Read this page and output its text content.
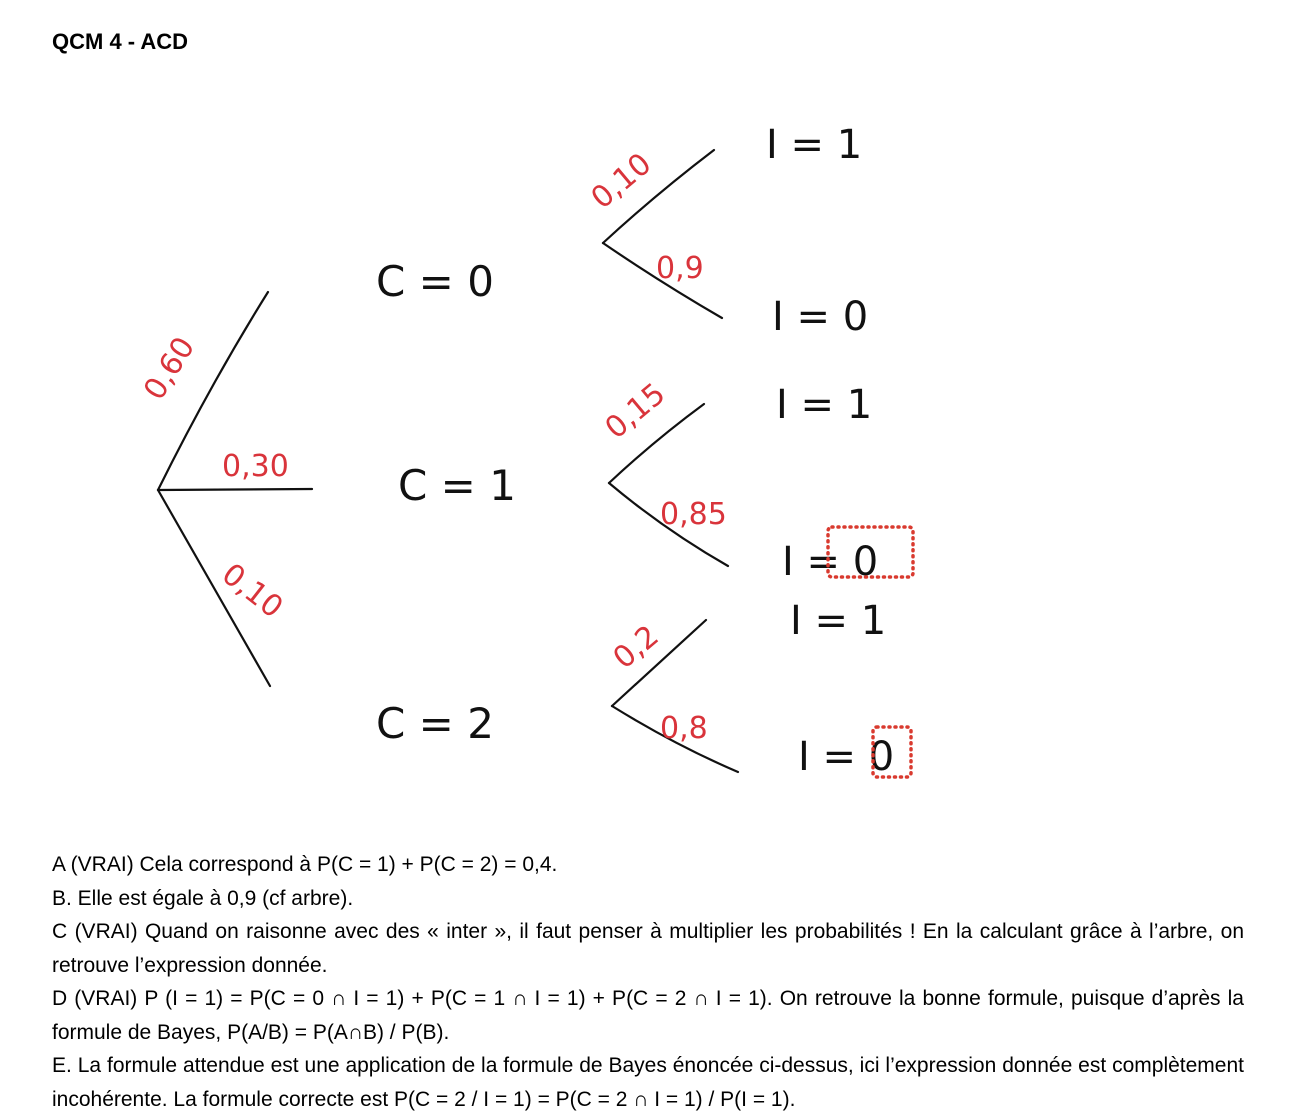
QCM 4 - ACD
C = 0
C = 1
C = 2
I = 1
I = 0
I = 1
I = 0
I = 1
I = 0
0,60
0,30
0,10
0,10
0,9
0,15
0,85
0,2
0,8

A (VRAI) Cela correspond à P(C = 1) + P(C = 2) = 0,4.

B. Elle est égale à 0,9 (cf arbre).

C (VRAI) Quand on raisonne avec des « inter », il faut penser à multiplier les probabilités ! En la calculant grâce à l’arbre, on retrouve l’expression donnée.

D (VRAI) P (I = 1) = P(C = 0 ∩ I = 1) + P(C = 1 ∩ I = 1) + P(C = 2 ∩ I = 1). On retrouve la bonne formule, puisque d’après la formule de Bayes, P(A/B) = P(A∩B) / P(B).

E. La formule attendue est une application de la formule de Bayes énoncée ci-dessus, ici l’expression donnée est complètement incohérente. La formule correcte est P(C = 2 / I = 1) = P(C = 2 ∩ I = 1) / P(I = 1).
